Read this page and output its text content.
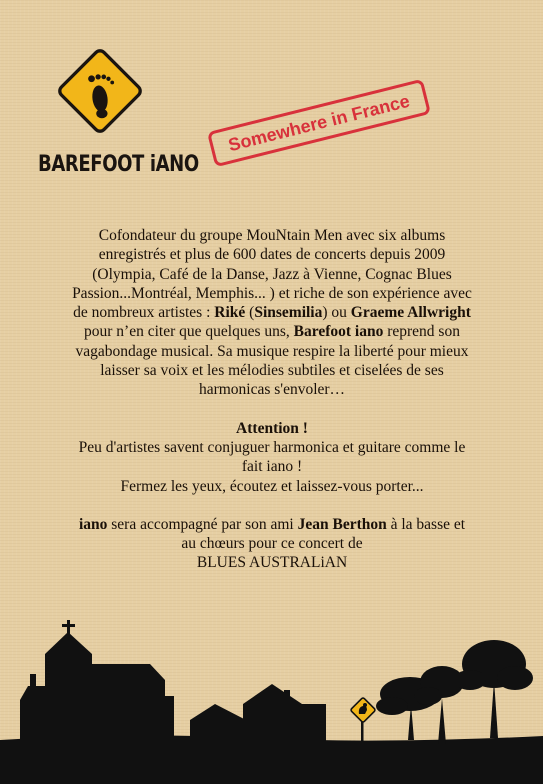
BAREFOOT iANO
Somewhere in France

Cofondateur du groupe MouNtain Men avec six albums enregistrés et plus de 600 dates de concerts depuis 2009 (Olympia, Café de la Danse, Jazz à Vienne, Cognac Blues Passion...Montréal, Memphis... ) et riche de son expérience avec de nombreux artistes : Riké (Sinsemilia) ou Graeme Allwright pour n’en citer que quelques uns, Barefoot iano reprend son vagabondage musical. Sa musique respire la liberté pour mieux laisser sa voix et les mélodies subtiles et ciselées de ses harmonicas s'envoler…

Attention !

Peu d'artistes savent conjuguer harmonica et guitare comme le fait iano !

Fermez les yeux, écoutez et laissez-vous porter...

iano sera accompagné par son ami Jean Berthon à la basse et au chœurs pour ce concert de

BLUES AUSTRALiAN
